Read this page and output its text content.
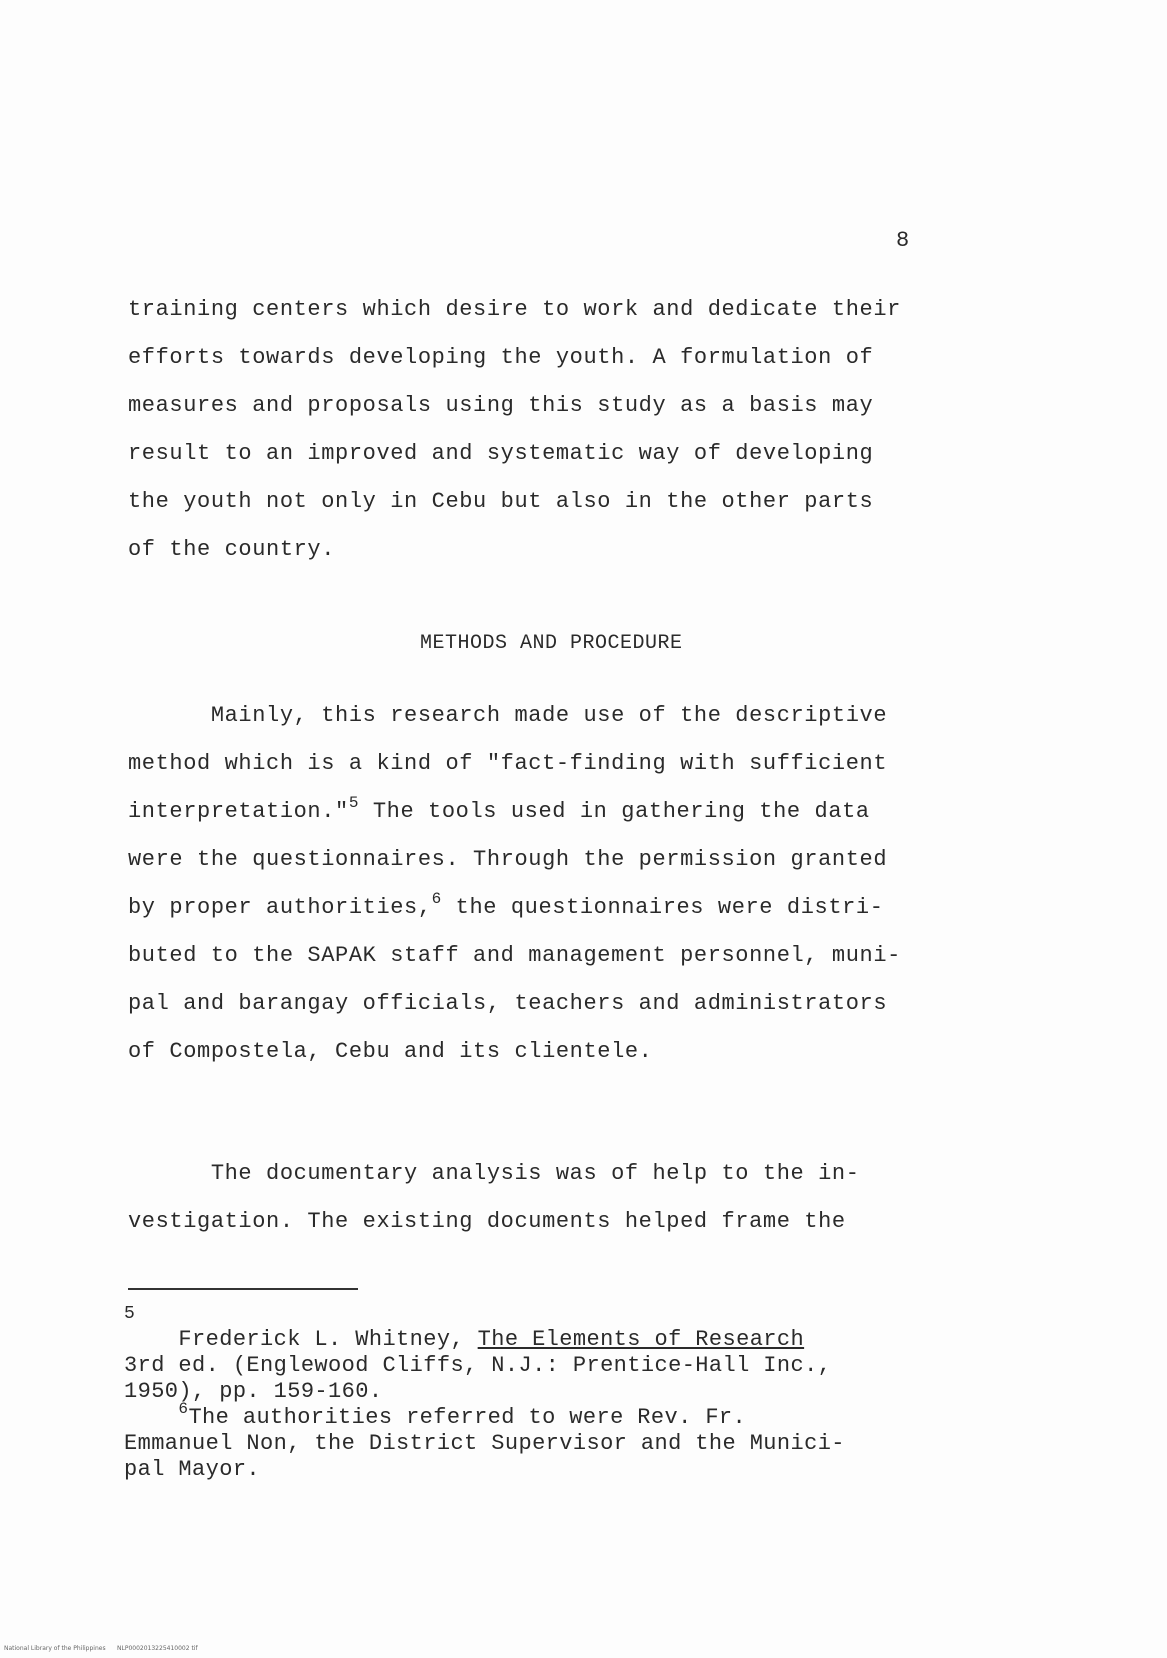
8
training centers which desire to work and dedicate their
efforts towards developing the youth. A formulation of
measures and proposals using this study as a basis may
result to an improved and systematic way of developing
the youth not only in Cebu but also in the other parts
of the country.
METHODS AND PROCEDURE
Mainly, this research made use of the descriptive
method which is a kind of "fact-finding with sufficient
interpretation."$^5$ The tools used in gathering the data
were the questionnaires. Through the permission granted
by proper authorities,$^6$ the questionnaires were distri-
buted to the SAPAK staff and management personnel, muni-
pal and barangay officials, teachers and administrators
of Compostela, Cebu and its clientele.
The documentary analysis was of help to the in-
vestigation. The existing documents helped frame the
5
Frederick L. Whitney, The Elements of Research
3rd ed. (Englewood Cliffs, N.J.: Prentice-Hall Inc.,
1950), pp. 159-160.
$^6$The authorities referred to were Rev. Fr.
Emmanuel Non, the District Supervisor and the Munici-
pal Mayor.
National Library of the Philippines      NLP0002013225410002 tif
